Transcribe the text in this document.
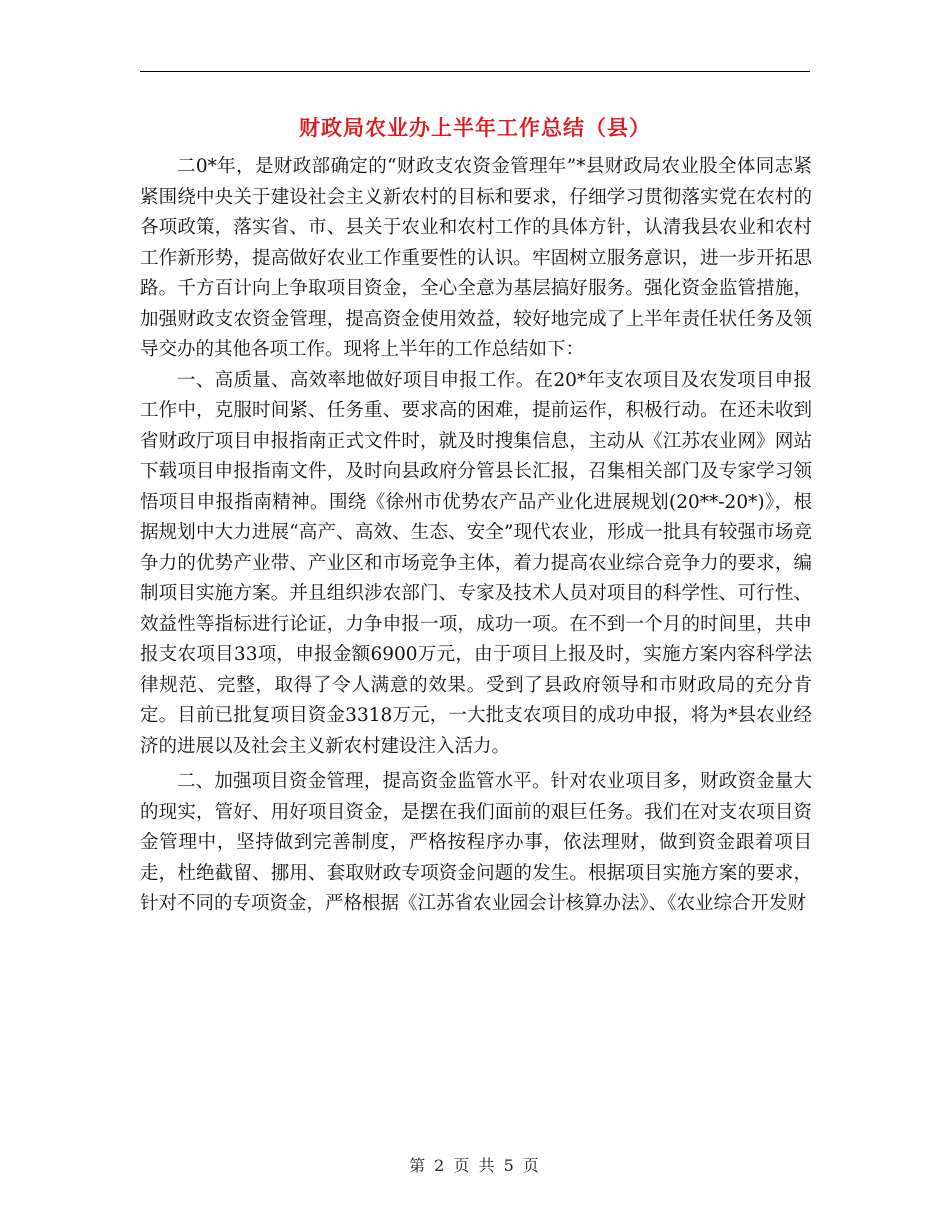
财政局农业办上半年工作总结（县）

二0*年，是财政部确定的“财政支农资金管理年”*县财政局农业股全体同志紧紧围绕中央关于建设社会主义新农村的目标和要求，仔细学习贯彻落实党在农村的各项政策，落实省、市、县关于农业和农村工作的具体方针，认清我县农业和农村工作新形势，提高做好农业工作重要性的认识。牢固树立服务意识，进一步开拓思路。千方百计向上争取项目资金，全心全意为基层搞好服务。强化资金监管措施，加强财政支农资金管理，提高资金使用效益，较好地完成了上半年责任状任务及领导交办的其他各项工作。现将上半年的工作总结如下：

一、高质量、高效率地做好项目申报工作。在20*年支农项目及农发项目申报工作中，克服时间紧、任务重、要求高的困难，提前运作，积极行动。在还未收到省财政厅项目申报指南正式文件时，就及时搜集信息，主动从《江苏农业网》网站下载项目申报指南文件，及时向县政府分管县长汇报，召集相关部门及专家学习领悟项目申报指南精神。围绕《徐州市优势农产品产业化进展规划(20**-20*)》，根据规划中大力进展“高产、高效、生态、安全”现代农业，形成一批具有较强市场竞争力的优势产业带、产业区和市场竞争主体，着力提高农业综合竞争力的要求，编制项目实施方案。并且组织涉农部门、专家及技术人员对项目的科学性、可行性、效益性等指标进行论证，力争申报一项，成功一项。在不到一个月的时间里，共申报支农项目33项，申报金额6900万元，由于项目上报及时，实施方案内容科学法律规范、完整，取得了令人满意的效果。受到了县政府领导和市财政局的充分肯定。目前已批复项目资金3318万元，一大批支农项目的成功申报，将为*县农业经济的进展以及社会主义新农村建设注入活力。

二、加强项目资金管理，提高资金监管水平。针对农业项目多，财政资金量大的现实，管好、用好项目资金，是摆在我们面前的艰巨任务。我们在对支农项目资金管理中，坚持做到完善制度，严格按程序办事，依法理财，做到资金跟着项目走，杜绝截留、挪用、套取财政专项资金问题的发生。根据项目实施方案的要求，针对不同的专项资金，严格根据《江苏省农业园会计核算办法》、《农业综合开发财

第 2 页 共 5 页
